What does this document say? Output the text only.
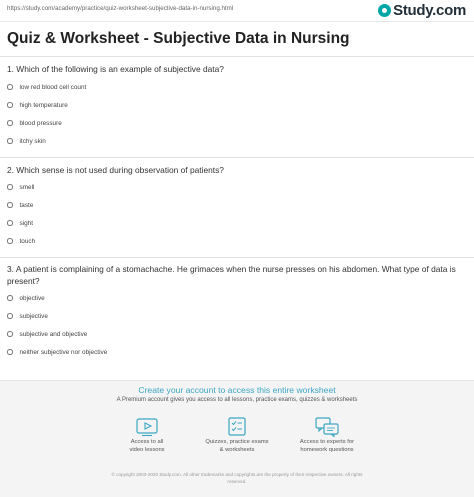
https://study.com/academy/practice/quiz-worksheet-subjective-data-in-nursing.html	Study.com
Quiz & Worksheet - Subjective Data in Nursing
1. Which of the following is an example of subjective data?
low red blood cell count
high temperature
blood pressure
itchy skin
2. Which sense is not used during observation of patients?
smell
taste
sight
touch
3. A patient is complaining of a stomachache. He grimaces when the nurse presses on his abdomen. What type of data is present?
objective
subjective
subjective and objective
neither subjective nor objective
Create your account to access this entire worksheet
A Premium account gives you access to all lessons, practice exams, quizzes & worksheets
Access to all
video lessons
Quizzes, practice exams
& worksheets
Access to experts for
homework questions
© copyright 2003-2020 Study.com. All other trademarks and copyrights are the property of their respective owners. All rights
reserved.
